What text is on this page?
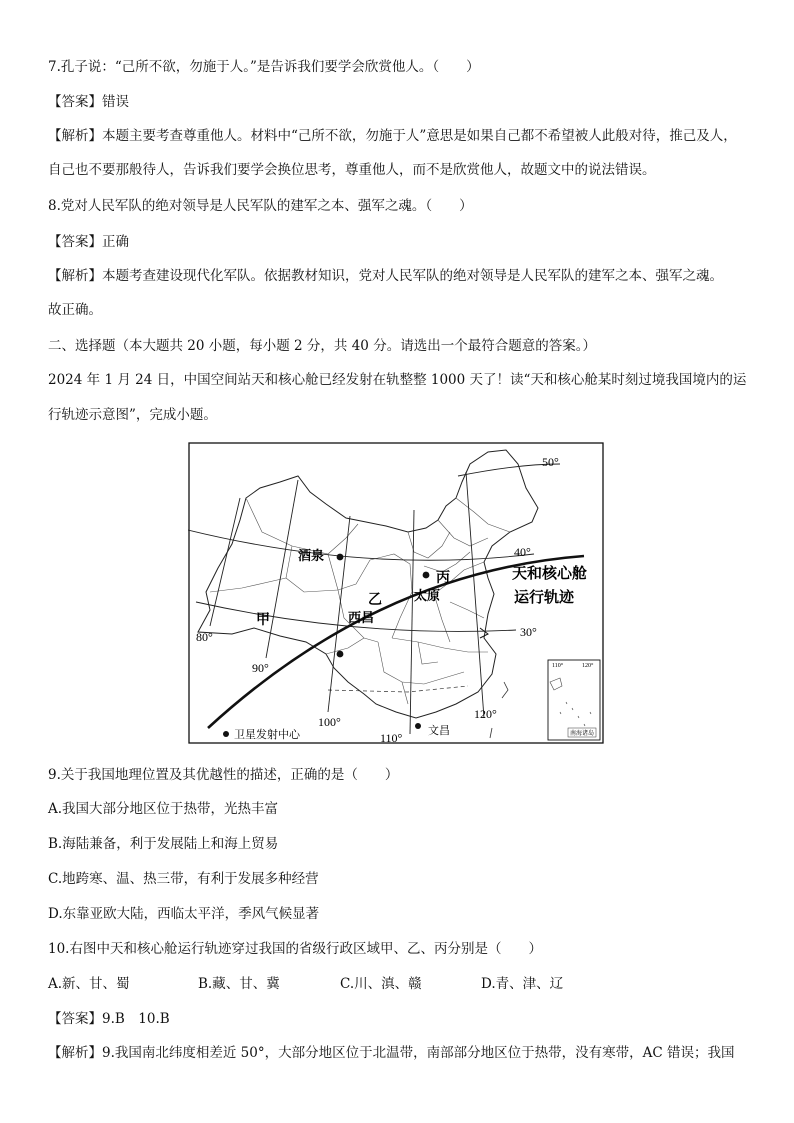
7.孔子说：“己所不欲，勿施于人。”是告诉我们要学会欣赏他人。（　　）
【答案】错误
【解析】本题主要考查尊重他人。材料中“己所不欲，勿施于人”意思是如果自己都不希望被人此般对待，推己及人，
自己也不要那般待人，告诉我们要学会换位思考，尊重他人，而不是欣赏他人，故题文中的说法错误。
8.党对人民军队的绝对领导是人民军队的建军之本、强军之魂。（　　）
【答案】正确
【解析】本题考查建设现代化军队。依据教材知识，党对人民军队的绝对领导是人民军队的建军之本、强军之魂。
故正确。
二、选择题（本大题共 20 小题，每小题 2 分，共 40 分。请选出一个最符合题意的答案。）
2024 年 1 月 24 日，中国空间站天和核心舱已经发射在轨整整 1000 天了！读“天和核心舱某时刻过境我国境内的运
行轨迹示意图”，完成小题。
50°
40°
30°
80°
90°
100°
110°
120°
酒泉
西昌
太原
文昌
甲
乙
丙	天和核心舱
运行轨迹
卫星发射中心
110°	120°
南海诸岛
9.关于我国地理位置及其优越性的描述，正确的是（　　）
A.我国大部分地区位于热带，光热丰富
B.海陆兼备，利于发展陆上和海上贸易
C.地跨寒、温、热三带，有利于发展多种经营
D.东靠亚欧大陆，西临太平洋，季风气候显著
10.右图中天和核心舱运行轨迹穿过我国的省级行政区域甲、乙、丙分别是（　　）
A.新、甘、蜀	B.藏、甘、冀	C.川、滇、赣	D.青、津、辽
【答案】9.B　10.B
【解析】9.我国南北纬度相差近 50°，大部分地区位于北温带，南部部分地区位于热带，没有寒带，AC 错误；我国
